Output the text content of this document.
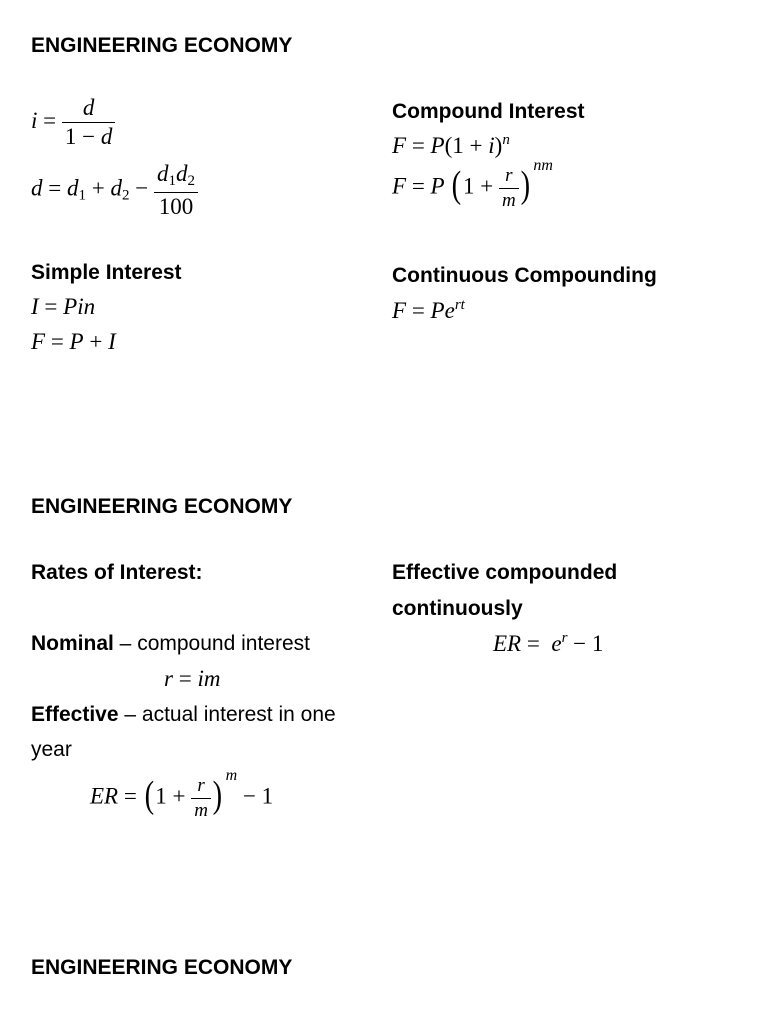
ENGINEERING ECONOMY
$i = \frac{d}{1 - d}$
$d = d_1 + d_2 - \frac{d_1d_2}{100}$
Compound Interest
$F = P(1 + i)^n$
F = P ($1 + \frac{r}{m}$ ) $^{nm}$
Simple Interest
I = Pin
F = P + I
Continuous Compounding
$F = Pe^{rt}$
ENGINEERING ECONOMY
Rates of Interest:	Effective compounded
continuously
ER =  $e^r - 1$
Nominal – compound interest
r = im
Effective – actual interest in one
year
ER = ($1 + \frac{r}{m}$ ) $^m$ − 1
ENGINEERING ECONOMY
